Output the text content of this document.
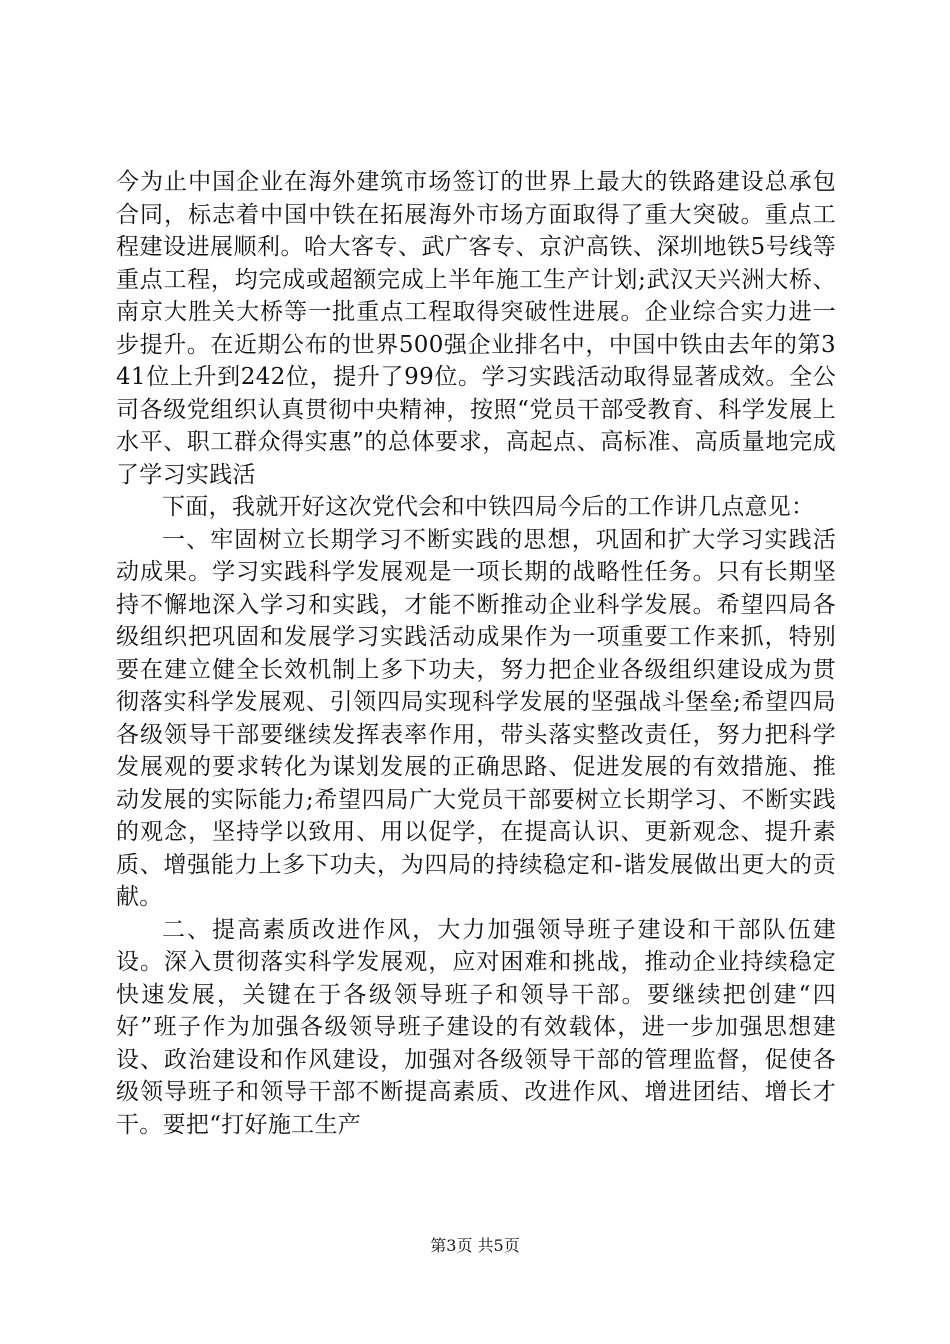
今为止中国企业在海外建筑市场签订的世界上最大的铁路建设总承包合同，标志着中国中铁在拓展海外市场方面取得了重大突破。重点工程建设进展顺利。哈大客专、武广客专、京沪高铁、深圳地铁5号线等重点工程，均完成或超额完成上半年施工生产计划;武汉天兴洲大桥、南京大胜关大桥等一批重点工程取得突破性进展。企业综合实力进一步提升。在近期公布的世界500强企业排名中，中国中铁由去年的第341位上升到242位，提升了99位。学习实践活动取得显著成效。全公司各级党组织认真贯彻中央精神，按照“党员干部受教育、科学发展上水平、职工群众得实惠”的总体要求，高起点、高标准、高质量地完成了学习实践活

下面，我就开好这次党代会和中铁四局今后的工作讲几点意见：

一、牢固树立长期学习不断实践的思想，巩固和扩大学习实践活动成果。学习实践科学发展观是一项长期的战略性任务。只有长期坚持不懈地深入学习和实践，才能不断推动企业科学发展。希望四局各级组织把巩固和发展学习实践活动成果作为一项重要工作来抓，特别要在建立健全长效机制上多下功夫，努力把企业各级组织建设成为贯彻落实科学发展观、引领四局实现科学发展的坚强战斗堡垒;希望四局各级领导干部要继续发挥表率作用，带头落实整改责任，努力把科学发展观的要求转化为谋划发展的正确思路、促进发展的有效措施、推动发展的实际能力;希望四局广大党员干部要树立长期学习、不断实践的观念，坚持学以致用、用以促学，在提高认识、更新观念、提升素质、增强能力上多下功夫，为四局的持续稳定和-谐发展做出更大的贡献。

二、提高素质改进作风，大力加强领导班子建设和干部队伍建设。深入贯彻落实科学发展观，应对困难和挑战，推动企业持续稳定快速发展，关键在于各级领导班子和领导干部。要继续把创建“四好”班子作为加强各级领导班子建设的有效载体，进一步加强思想建设、政治建设和作风建设，加强对各级领导干部的管理监督，促使各级领导班子和领导干部不断提高素质、改进作风、增进团结、增长才干。要把“打好施工生产

第3页 共5页
